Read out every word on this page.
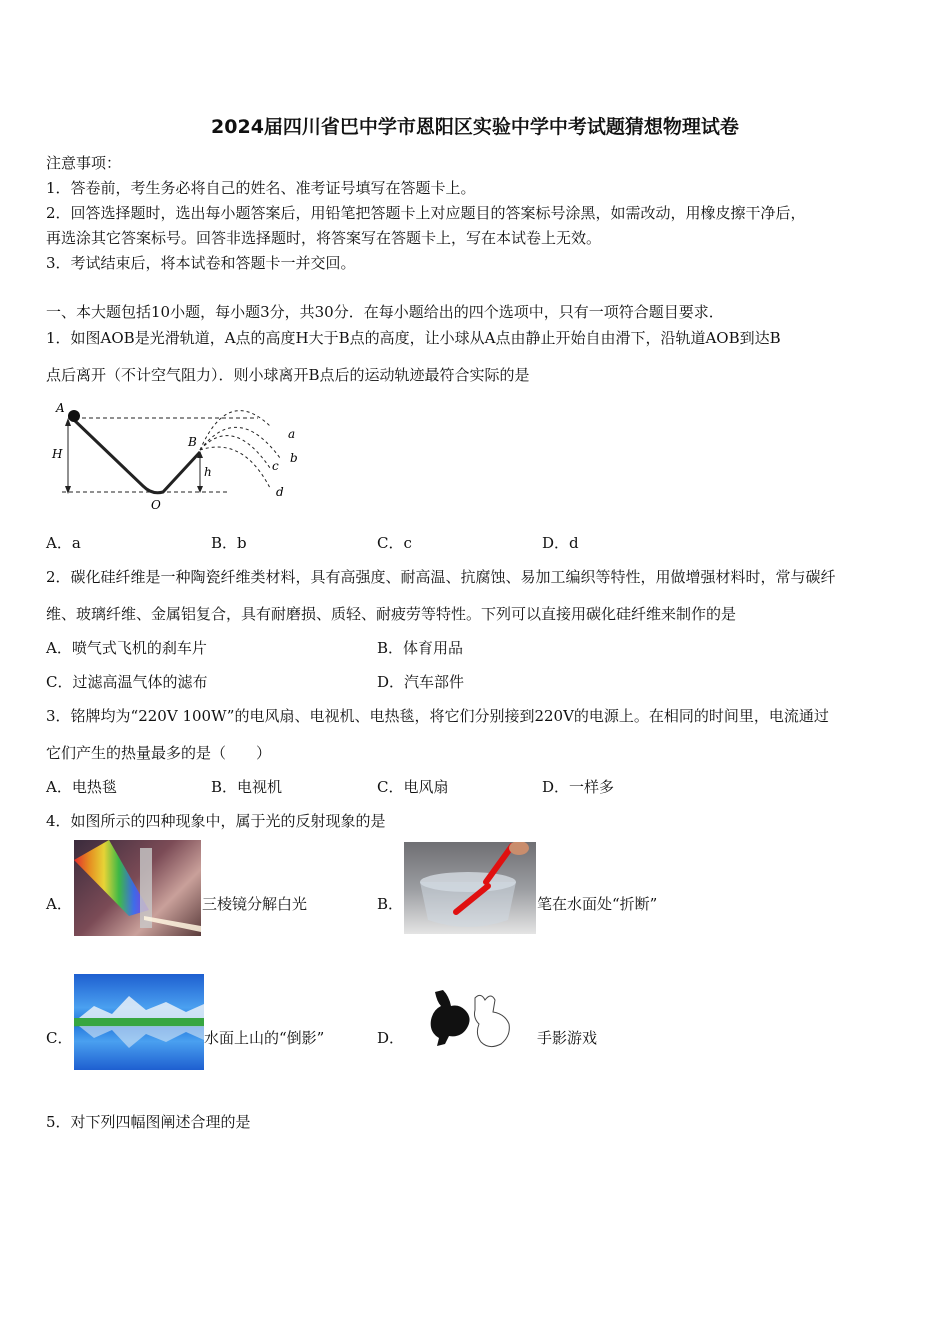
2024届四川省巴中学市恩阳区实验中学中考试题猜想物理试卷
注意事项：
1．答卷前，考生务必将自己的姓名、准考证号填写在答题卡上。
2．回答选择题时，选出每小题答案后，用铅笔把答题卡上对应题目的答案标号涂黑，如需改动，用橡皮擦干净后，
再选涂其它答案标号。回答非选择题时，将答案写在答题卡上，写在本试卷上无效。
3．考试结束后，将本试卷和答题卡一并交回。
一、本大题包括10小题，每小题3分，共30分．在每小题给出的四个选项中，只有一项符合题目要求．
1．如图AOB是光滑轨道，A点的高度H大于B点的高度，让小球从A点由静止开始自由滑下，沿轨道AOB到达B
点后离开（不计空气阻力）．则小球离开B点后的运动轨迹最符合实际的是
A
H
B
O
h
a
b
c
d
A．a	B．b	C．c	D．d
2．碳化硅纤维是一种陶瓷纤维类材料，具有高强度、耐高温、抗腐蚀、易加工编织等特性，用做增强材料时，常与碳纤
维、玻璃纤维、金属铝复合，具有耐磨损、质轻、耐疲劳等特性。下列可以直接用碳化硅纤维来制作的是
A．喷气式飞机的刹车片	B．体育用品
C．过滤高温气体的滤布	D．汽车部件
3．铭牌均为“220V 100W”的电风扇、电视机、电热毯，将它们分别接到220V的电源上。在相同的时间里，电流通过
它们产生的热量最多的是（　　）
A．电热毯	B．电视机	C．电风扇	D．一样多
4．如图所示的四种现象中，属于光的反射现象的是
A．	三棱镜分解白光	B．	笔在水面处“折断”
C．	水面上山的“倒影”	D．	手影游戏
5．对下列四幅图阐述合理的是
